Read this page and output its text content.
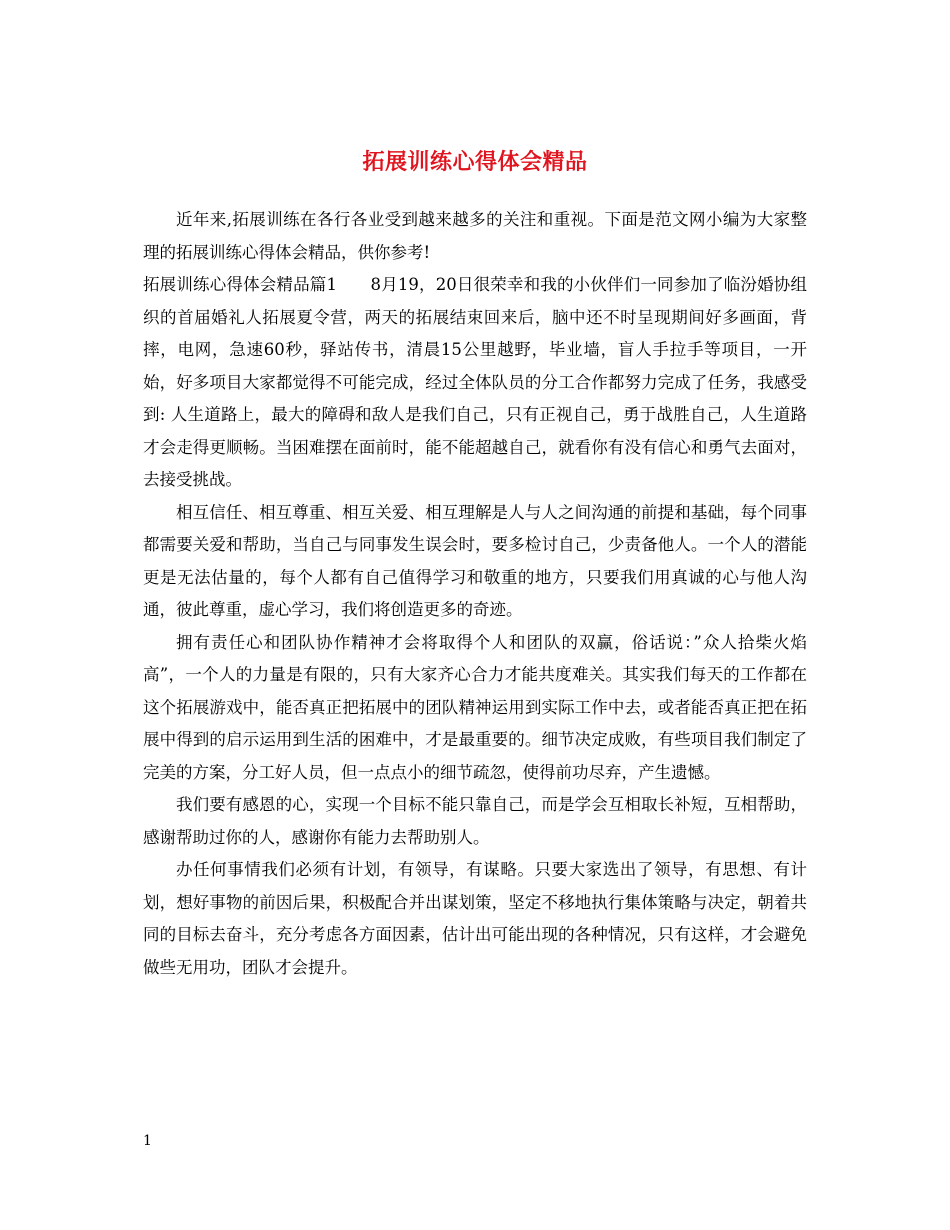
拓展训练心得体会精品

近年来,拓展训练在各行各业受到越来越多的关注和重视。下面是范文网小编为大家整理的拓展训练心得体会精品，供你参考!

拓展训练心得体会精品篇1　　8月19，20日很荣幸和我的小伙伴们一同参加了临汾婚协组织的首届婚礼人拓展夏令营，两天的拓展结束回来后，脑中还不时呈现期间好多画面，背摔，电网，急速60秒，驿站传书，清晨15公里越野，毕业墙，盲人手拉手等项目，一开始，好多项目大家都觉得不可能完成，经过全体队员的分工合作都努力完成了任务，我感受到: 人生道路上，最大的障碍和敌人是我们自己，只有正视自己，勇于战胜自己，人生道路才会走得更顺畅。当困难摆在面前时，能不能超越自己，就看你有没有信心和勇气去面对，去接受挑战。

相互信任、相互尊重、相互关爱、相互理解是人与人之间沟通的前提和基础，每个同事都需要关爱和帮助，当自己与同事发生误会时，要多检讨自己，少责备他人。一个人的潜能更是无法估量的，每个人都有自己值得学习和敬重的地方，只要我们用真诚的心与他人沟通，彼此尊重，虚心学习，我们将创造更多的奇迹。

拥有责任心和团队协作精神才会将取得个人和团队的双赢，俗话说：”众人拾柴火焰高”，一个人的力量是有限的，只有大家齐心合力才能共度难关。其实我们每天的工作都在这个拓展游戏中，能否真正把拓展中的团队精神运用到实际工作中去，或者能否真正把在拓展中得到的启示运用到生活的困难中，才是最重要的。细节决定成败，有些项目我们制定了完美的方案，分工好人员，但一点点小的细节疏忽，使得前功尽弃，产生遗憾。

我们要有感恩的心，实现一个目标不能只靠自己，而是学会互相取长补短，互相帮助，感谢帮助过你的人，感谢你有能力去帮助别人。

办任何事情我们必须有计划，有领导，有谋略。只要大家选出了领导，有思想、有计划，想好事物的前因后果，积极配合并出谋划策，坚定不移地执行集体策略与决定，朝着共同的目标去奋斗，充分考虑各方面因素，估计出可能出现的各种情况，只有这样，才会避免做些无用功，团队才会提升。

1
